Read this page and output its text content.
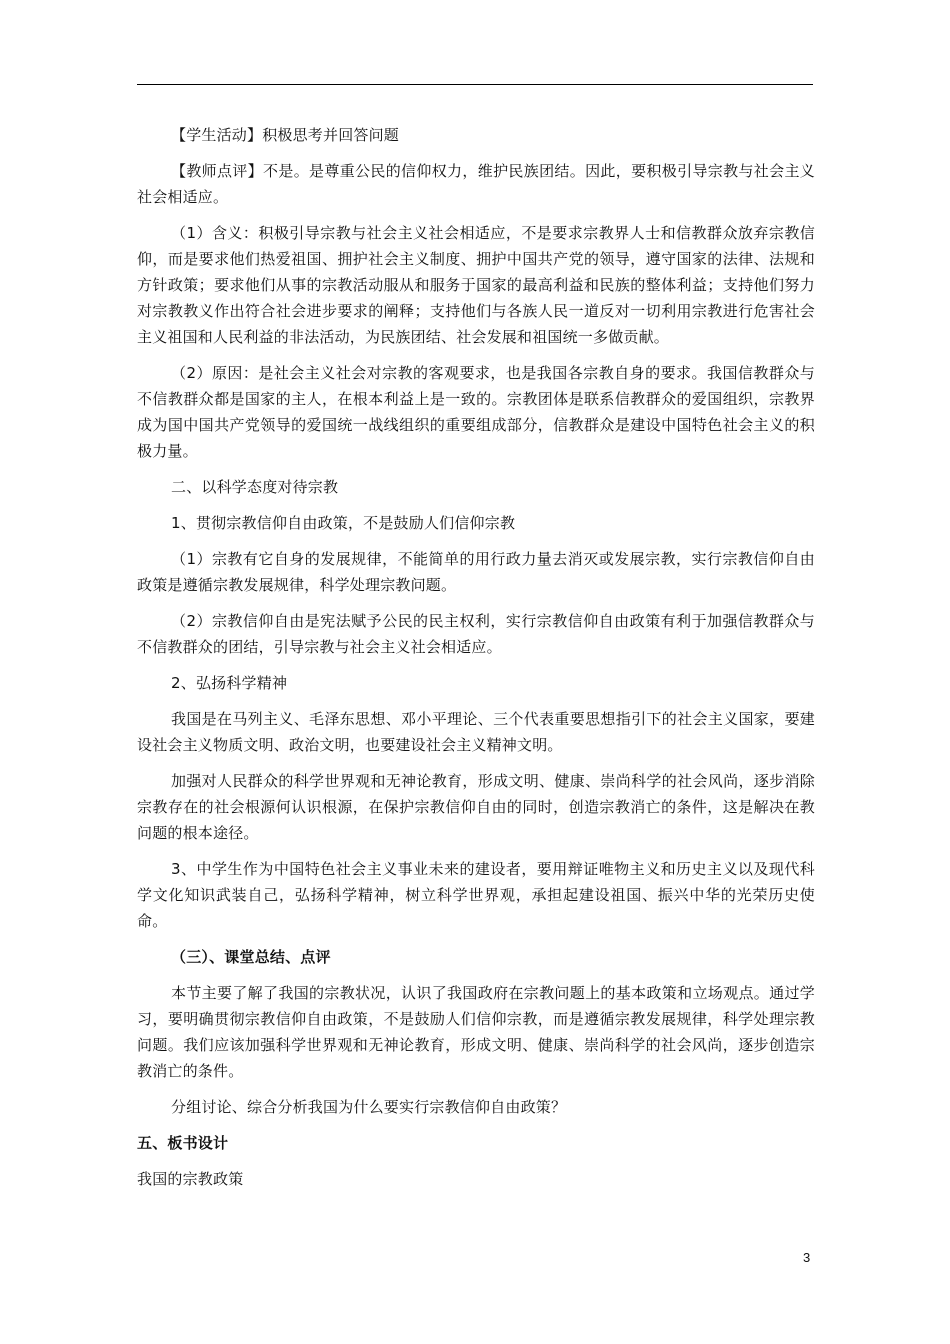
【学生活动】积极思考并回答问题

【教师点评】不是。是尊重公民的信仰权力，维护民族团结。因此，要积极引导宗教与社会主义社会相适应。

（1）含义：积极引导宗教与社会主义社会相适应，不是要求宗教界人士和信教群众放弃宗教信仰，而是要求他们热爱祖国、拥护社会主义制度、拥护中国共产党的领导，遵守国家的法律、法规和方针政策；要求他们从事的宗教活动服从和服务于国家的最高利益和民族的整体利益；支持他们努力对宗教教义作出符合社会进步要求的阐释；支持他们与各族人民一道反对一切利用宗教进行危害社会主义祖国和人民利益的非法活动，为民族团结、社会发展和祖国统一多做贡献。

（2）原因：是社会主义社会对宗教的客观要求，也是我国各宗教自身的要求。我国信教群众与不信教群众都是国家的主人，在根本利益上是一致的。宗教团体是联系信教群众的爱国组织，宗教界成为国中国共产党领导的爱国统一战线组织的重要组成部分，信教群众是建设中国特色社会主义的积极力量。

二、以科学态度对待宗教

1、贯彻宗教信仰自由政策，不是鼓励人们信仰宗教

（1）宗教有它自身的发展规律，不能简单的用行政力量去消灭或发展宗教，实行宗教信仰自由政策是遵循宗教发展规律，科学处理宗教问题。

（2）宗教信仰自由是宪法赋予公民的民主权利，实行宗教信仰自由政策有利于加强信教群众与不信教群众的团结，引导宗教与社会主义社会相适应。

2、弘扬科学精神

我国是在马列主义、毛泽东思想、邓小平理论、三个代表重要思想指引下的社会主义国家，要建设社会主义物质文明、政治文明，也要建设社会主义精神文明。

加强对人民群众的科学世界观和无神论教育，形成文明、健康、崇尚科学的社会风尚，逐步消除宗教存在的社会根源何认识根源，在保护宗教信仰自由的同时，创造宗教消亡的条件，这是解决在教问题的根本途径。

3、中学生作为中国特色社会主义事业未来的建设者，要用辩证唯物主义和历史主义以及现代科学文化知识武装自己，弘扬科学精神，树立科学世界观，承担起建设祖国、振兴中华的光荣历史使命。

（三）、课堂总结、点评

本节主要了解了我国的宗教状况，认识了我国政府在宗教问题上的基本政策和立场观点。通过学习，要明确贯彻宗教信仰自由政策，不是鼓励人们信仰宗教，而是遵循宗教发展规律，科学处理宗教问题。我们应该加强科学世界观和无神论教育，形成文明、健康、崇尚科学的社会风尚，逐步创造宗教消亡的条件。

分组讨论、综合分析我国为什么要实行宗教信仰自由政策？

五、板书设计

我国的宗教政策

3
